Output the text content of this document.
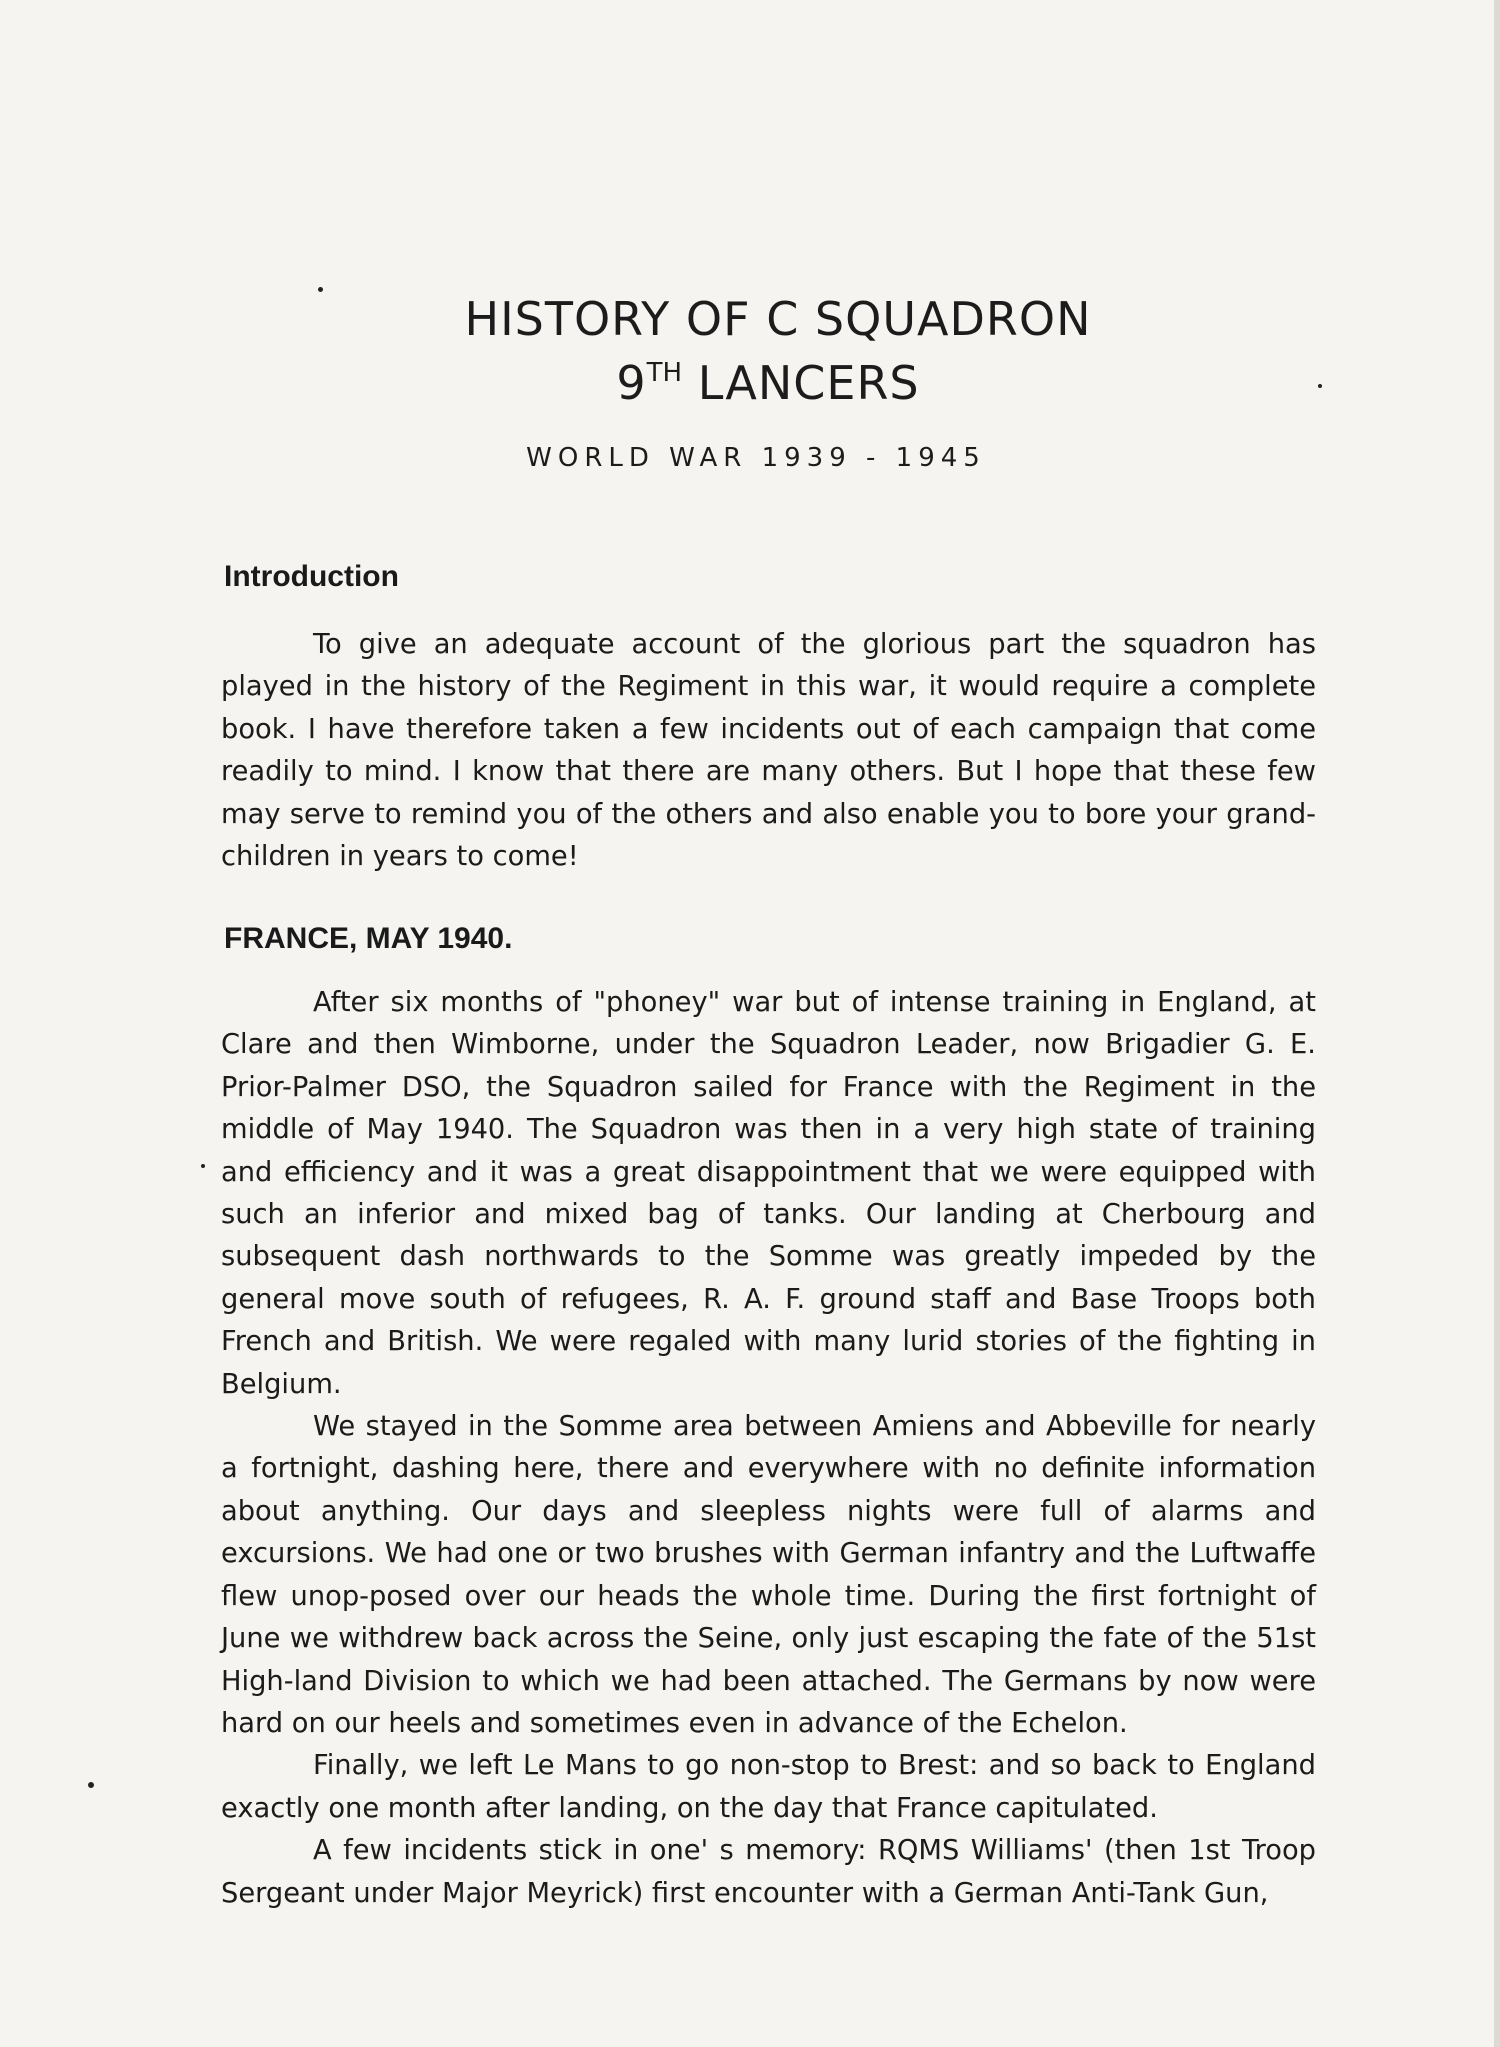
HISTORY OF C SQUADRON
9TH LANCERS
WORLD WAR 1939 - 1945
Introduction

To give an adequate account of the glorious part the squadron has played in the history of the Regiment in this war, it would require a complete book. I have therefore taken a few incidents out of each campaign that come readily to mind. I know that there are many others. But I hope that these few may serve to remind you of the others and also enable you to bore your grand-children in years to come!

FRANCE, MAY 1940.

After six months of "phoney" war but of intense training in England, at Clare and then Wimborne, under the Squadron Leader, now Brigadier G. E. Prior-Palmer DSO, the Squadron sailed for France with the Regiment in the middle of May 1940. The Squadron was then in a very high state of training and efficiency and it was a great disappointment that we were equipped with such an inferior and mixed bag of tanks. Our landing at Cherbourg and subsequent dash northwards to the Somme was greatly impeded by the general move south of refugees, R. A. F. ground staff and Base Troops both French and British. We were regaled with many lurid stories of the fighting in Belgium.

We stayed in the Somme area between Amiens and Abbeville for nearly a fortnight, dashing here, there and everywhere with no definite information about anything. Our days and sleepless nights were full of alarms and excursions. We had one or two brushes with German infantry and the Luftwaffe flew unop-posed over our heads the whole time. During the first fortnight of June we withdrew back across the Seine, only just escaping the fate of the 51st High-land Division to which we had been attached. The Germans by now were hard on our heels and sometimes even in advance of the Echelon.

Finally, we left Le Mans to go non-stop to Brest: and so back to England exactly one month after landing, on the day that France capitulated.

A few incidents stick in one' s memory: RQMS Williams' (then 1st Troop Sergeant under Major Meyrick) first encounter with a German Anti-Tank Gun,
